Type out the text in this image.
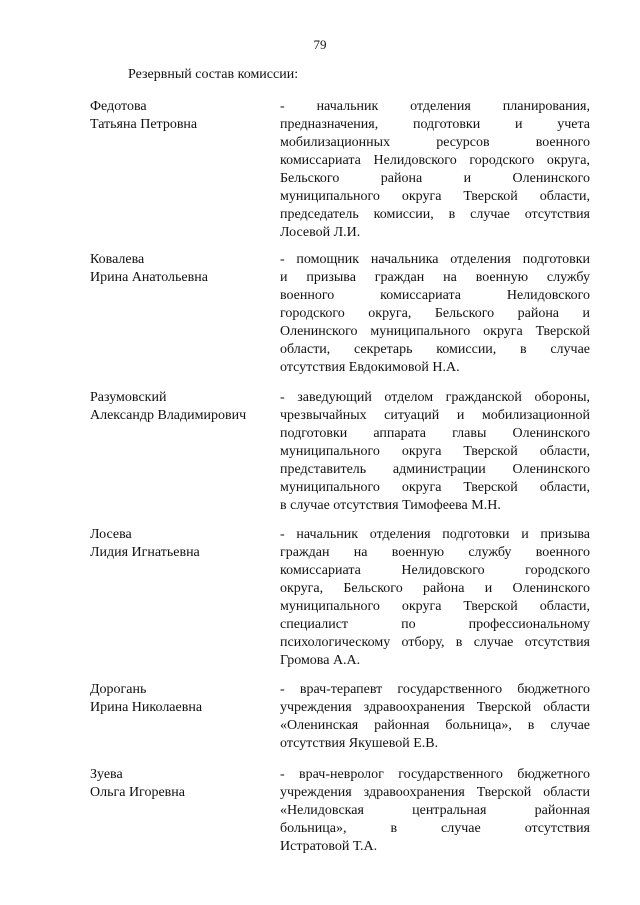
79
Резервный состав комиссии:
Федотова
Татьяна Петровна
- начальник отделения планирования,
предназначения, подготовки и учета
мобилизационных ресурсов военного
комиссариата Нелидовского городского округа,
Бельского района и Оленинского
муниципального округа Тверской области,
председатель комиссии, в случае отсутствия
Лосевой Л.И.
Ковалева
Ирина Анатольевна
- помощник начальника отделения подготовки
и призыва граждан на военную службу
военного комиссариата Нелидовского
городского округа, Бельского района и
Оленинского муниципального округа Тверской
области, секретарь комиссии, в случае
отсутствия Евдокимовой Н.А.
Разумовский
Александр Владимирович
- заведующий отделом гражданской обороны,
чрезвычайных ситуаций и мобилизационной
подготовки аппарата главы Оленинского
муниципального округа Тверской области,
представитель администрации Оленинского
муниципального округа Тверской области,
в случае отсутствия Тимофеева М.Н.
Лосева
Лидия Игнатьевна
- начальник отделения подготовки и призыва
граждан на военную службу военного
комиссариата Нелидовского городского
округа, Бельского района и Оленинского
муниципального округа Тверской области,
специалист по профессиональному
психологическому отбору, в случае отсутствия
Громова А.А.
Дорогань
Ирина Николаевна
- врач-терапевт государственного бюджетного
учреждения здравоохранения Тверской области
«Оленинская районная больница», в случае
отсутствия Якушевой Е.В.
Зуева
Ольга Игоревна
- врач-невролог государственного бюджетного
учреждения здравоохранения Тверской области
«Нелидовская центральная районная
больница», в случае отсутствия
Истратовой Т.А.
